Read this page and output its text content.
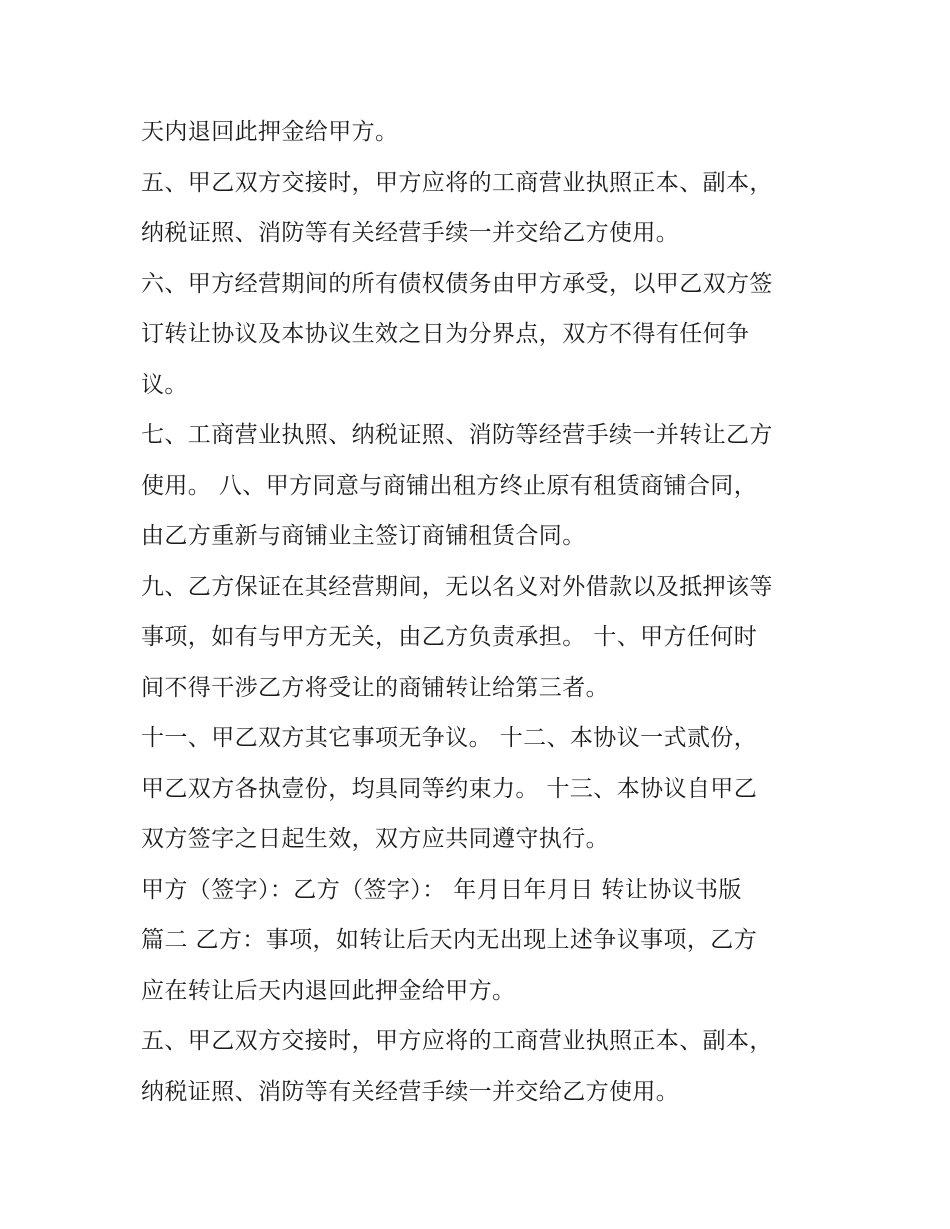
天内退回此押金给甲方。
五、甲乙双方交接时，甲方应将的工商营业执照正本、副本，
纳税证照、消防等有关经营手续一并交给乙方使用。
六、甲方经营期间的所有债权债务由甲方承受，以甲乙双方签
订转让协议及本协议生效之日为分界点，双方不得有任何争
议。
七、工商营业执照、纳税证照、消防等经营手续一并转让乙方
使用。 八、甲方同意与商铺出租方终止原有租赁商铺合同，
由乙方重新与商铺业主签订商铺租赁合同。
九、乙方保证在其经营期间，无以名义对外借款以及抵押该等
事项，如有与甲方无关，由乙方负责承担。 十、甲方任何时
间不得干涉乙方将受让的商铺转让给第三者。
十一、甲乙双方其它事项无争议。 十二、本协议一式贰份，
甲乙双方各执壹份，均具同等约束力。 十三、本协议自甲乙
双方签字之日起生效，双方应共同遵守执行。
甲方（签字）：乙方（签字）： 年月日年月日 转让协议书版
篇二 乙方：事项，如转让后天内无出现上述争议事项，乙方
应在转让后天内退回此押金给甲方。
五、甲乙双方交接时，甲方应将的工商营业执照正本、副本，
纳税证照、消防等有关经营手续一并交给乙方使用。
